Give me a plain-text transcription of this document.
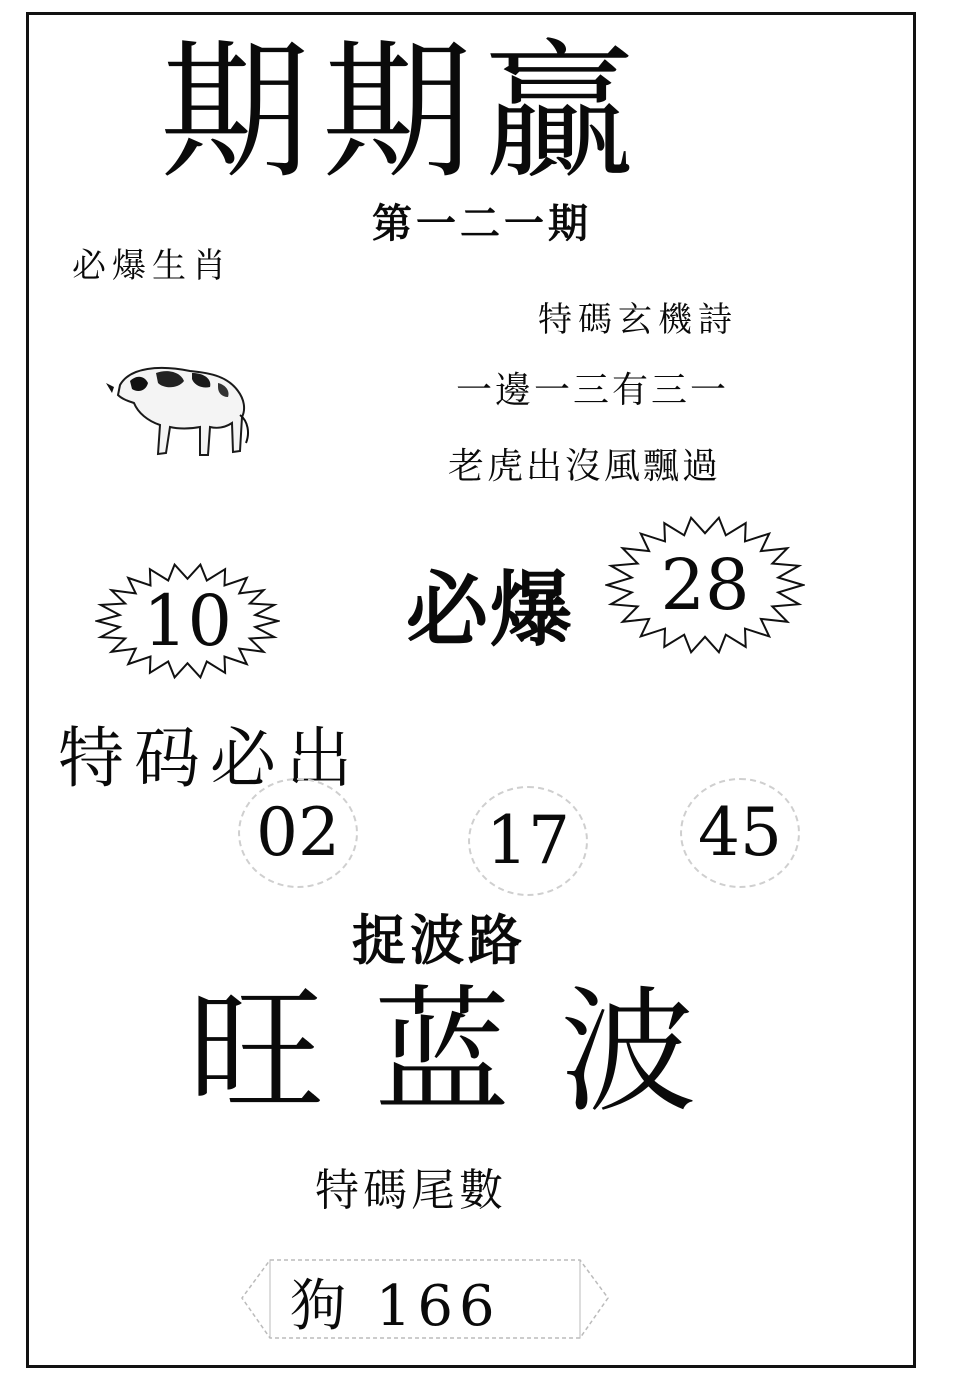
期期贏
第一二一期
必爆生肖
特碼玄機詩
一邊一三有三一
老虎出沒風飄過
必爆	28
10
特码必出
02 17 45
捉波路
旺蓝波
特碼尾數
狗 166
